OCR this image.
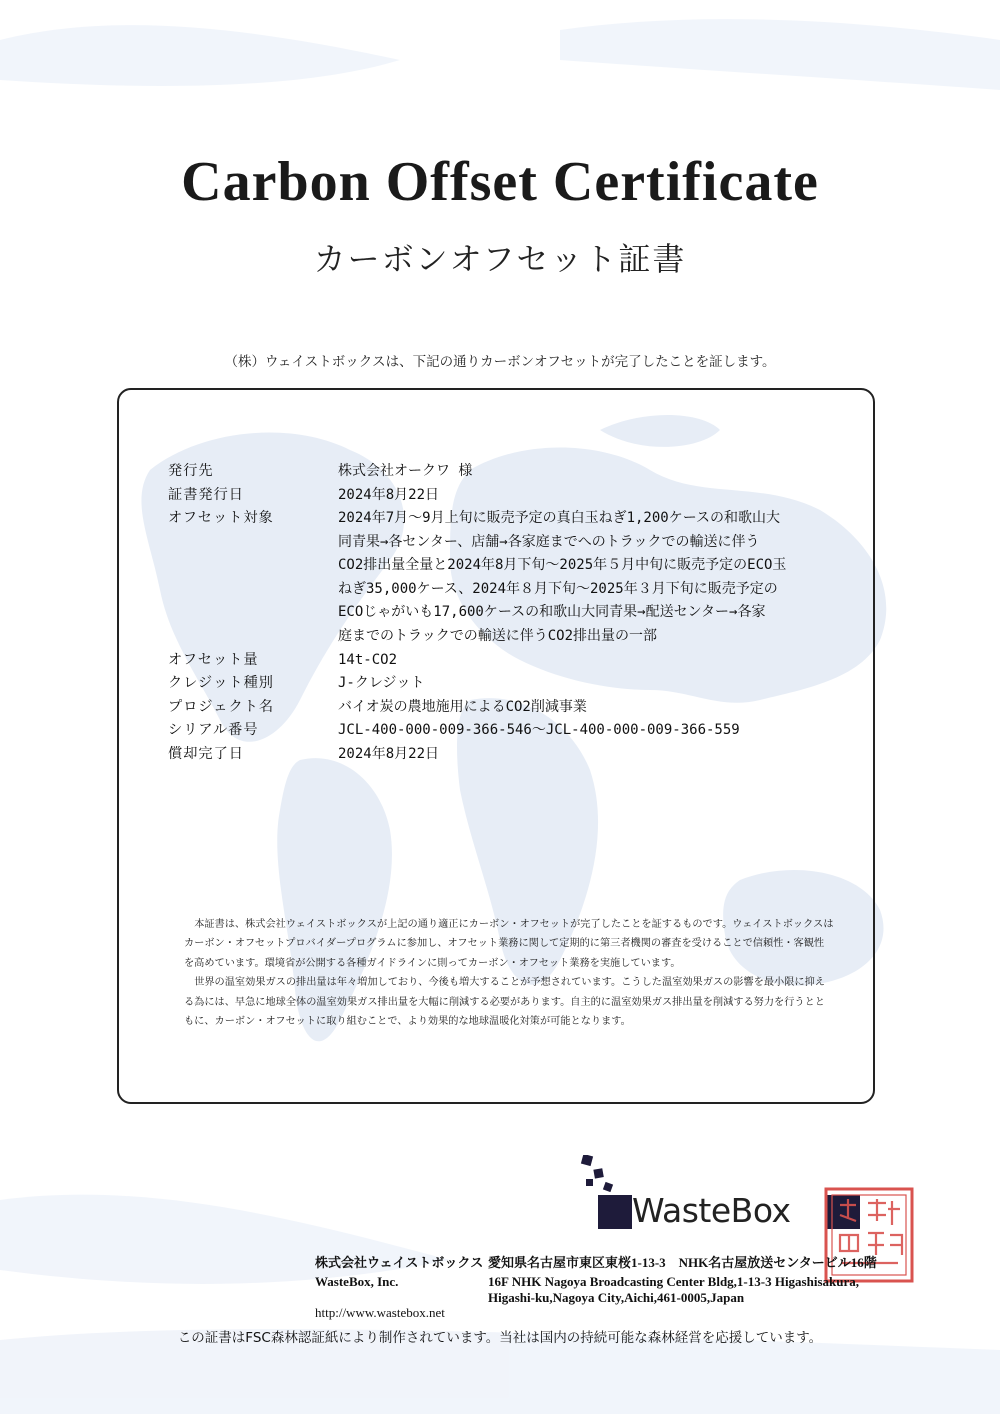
Carbon Offset Certificate
カーボンオフセット証書
（株）ウェイストボックスは、下記の通りカーボンオフセットが完了したことを証します。
発行先	株式会社オークワ 様
証書発行日	2024年8月22日
オフセット対象	2024年7月～9月上旬に販売予定の真白玉ねぎ1,200ケースの和歌山大
同青果→各センター、店舗→各家庭までへのトラックでの輸送に伴う
CO2排出量全量と2024年8月下旬～2025年５月中旬に販売予定のECO玉
ねぎ35,000ケース、2024年８月下旬～2025年３月下旬に販売予定の
ECOじゃがいも17,600ケースの和歌山大同青果→配送センター→各家
庭までのトラックでの輸送に伴うCO2排出量の一部
オフセット量	14t-CO2
クレジット種別	J-クレジット
プロジェクト名	バイオ炭の農地施用によるCO2削減事業
シリアル番号	JCL-400-000-009-366-546～JCL-400-000-009-366-559
償却完了日	2024年8月22日

本証書は、株式会社ウェイストボックスが上記の通り適正にカーボン・オフセットが完了したことを証するものです。ウェイストボックスはカーボン・オフセットプロバイダープログラムに参加し、オフセット業務に関して定期的に第三者機関の審査を受けることで信頼性・客観性を高めています。環境省が公開する各種ガイドラインに則ってカーボン・オフセット業務を実施しています。

世界の温室効果ガスの排出量は年々増加しており、今後も増大することが予想されています。こうした温室効果ガスの影響を最小限に抑える為には、早急に地球全体の温室効果ガス排出量を大幅に削減する必要があります。自主的に温室効果ガス排出量を削減する努力を行うとともに、カーボン・オフセットに取り組むことで、より効果的な地球温暖化対策が可能となります。

WasteBox
株式会社ウェイストボックス 愛知県名古屋市東区東桜1-13-3　NHK名古屋放送センタービル16階
WasteBox, Inc.	16F NHK Nagoya Broadcasting Center Bldg,1-13-3 Higashisakura, Higashi-ku,Nagoya City,Aichi,461-0005,Japan
http://www.wastebox.net
この証書はFSC森林認証紙により制作されています。当社は国内の持続可能な森林経営を応援しています。
